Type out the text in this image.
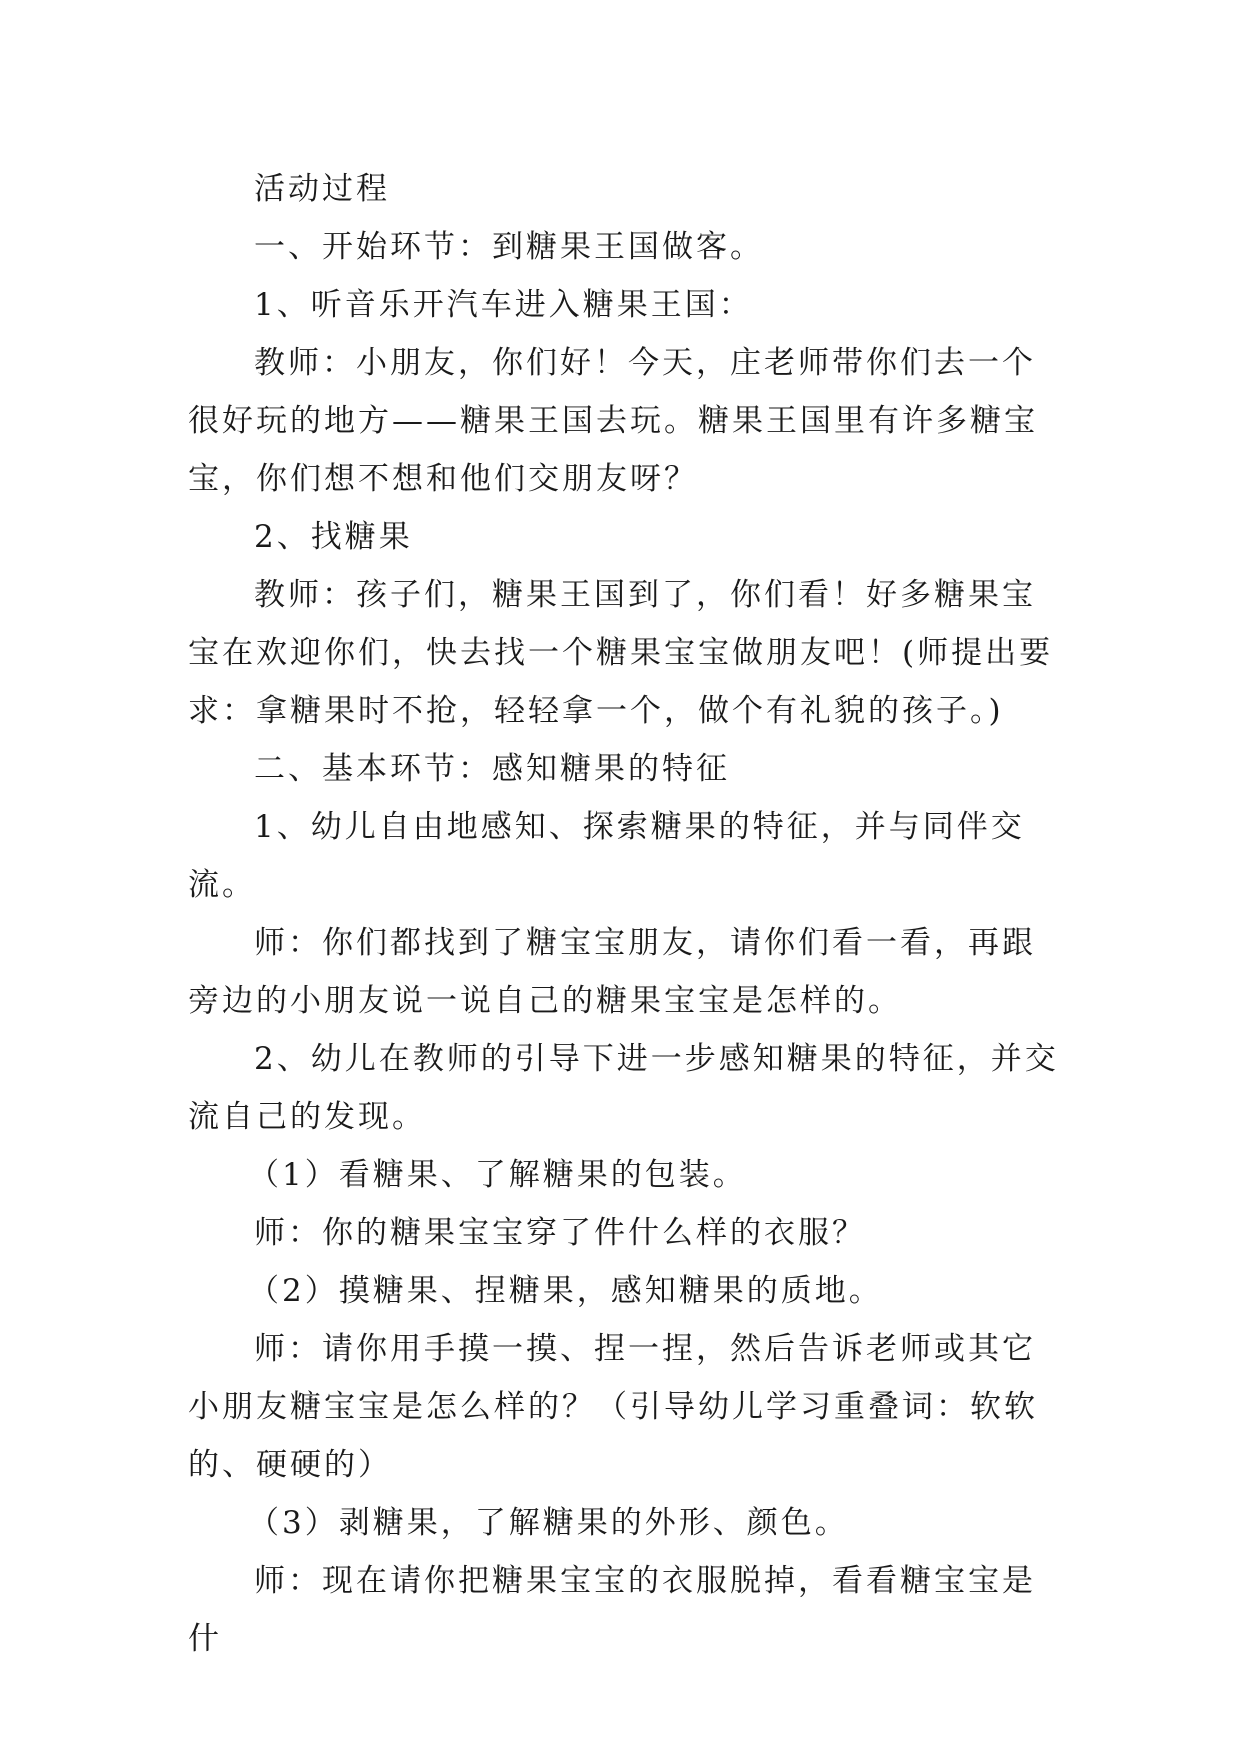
活动过程

一、开始环节：到糖果王国做客。

1、听音乐开汽车进入糖果王国：

教师：小朋友，你们好！今天，庄老师带你们去一个很好玩的地方——糖果王国去玩。糖果王国里有许多糖宝宝，你们想不想和他们交朋友呀？

2、找糖果

教师：孩子们，糖果王国到了，你们看！好多糖果宝宝在欢迎你们，快去找一个糖果宝宝做朋友吧！(师提出要求：拿糖果时不抢，轻轻拿一个，做个有礼貌的孩子。)

二、基本环节：感知糖果的特征

1、幼儿自由地感知、探索糖果的特征，并与同伴交流。

师：你们都找到了糖宝宝朋友，请你们看一看，再跟旁边的小朋友说一说自己的糖果宝宝是怎样的。

2、幼儿在教师的引导下进一步感知糖果的特征，并交流自己的发现。

（1）看糖果、了解糖果的包装。

师：你的糖果宝宝穿了件什么样的衣服？

（2）摸糖果、捏糖果，感知糖果的质地。

师：请你用手摸一摸、捏一捏，然后告诉老师或其它小朋友糖宝宝是怎么样的？（引导幼儿学习重叠词：软软的、硬硬的）

（3）剥糖果，了解糖果的外形、颜色。

师：现在请你把糖果宝宝的衣服脱掉，看看糖宝宝是什
